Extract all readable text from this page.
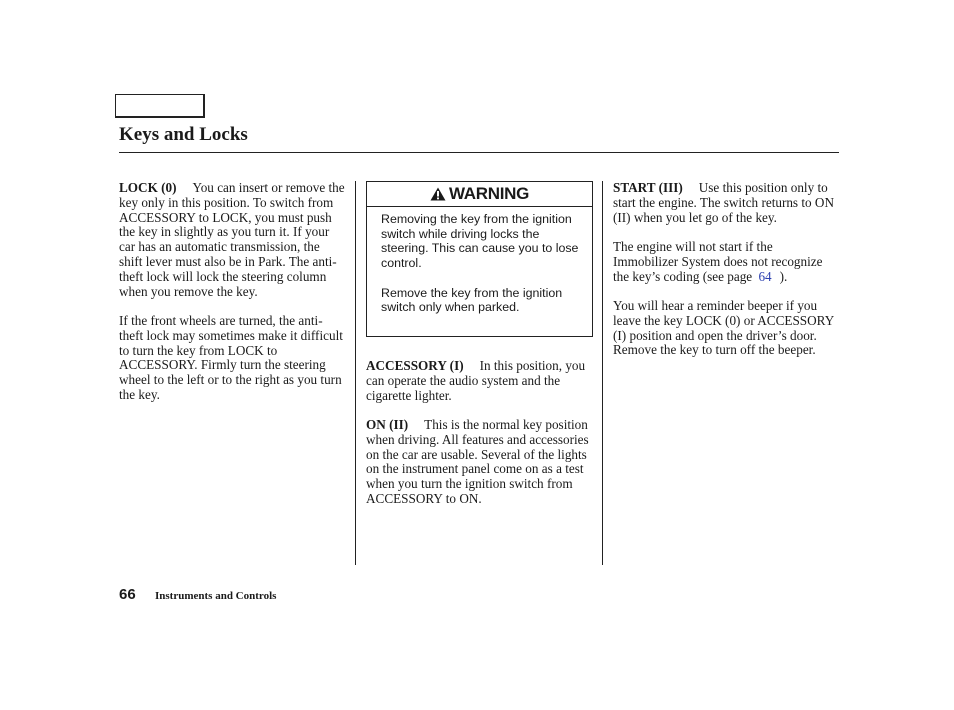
Keys and Locks

LOCK (0) You can insert or remove the key only in this position. To switch from ACCESSORY to LOCK, you must push the key in slightly as you turn it. If your car has an automatic transmission, the shift lever must also be in Park. The anti-theft lock will lock the steering column when you remove the key.

If the front wheels are turned, the anti-theft lock may sometimes make it difficult to turn the key from LOCK to ACCESSORY. Firmly turn the steering wheel to the left or to the right as you turn the key.

WARNING

Removing the key from the ignition switch while driving locks the steering. This can cause you to lose control.

Remove the key from the ignition switch only when parked.

ACCESSORY (I) In this position, you can operate the audio system and the cigarette lighter.

ON (II) This is the normal key position when driving. All features and accessories on the car are usable. Several of the lights on the instrument panel come on as a test when you turn the ignition switch from ACCESSORY to ON.

START (III) Use this position only to start the engine. The switch returns to ON (II) when you let go of the key.

The engine will not start if the Immobilizer System does not recognize the key’s coding (see page 64 ).

You will hear a reminder beeper if you leave the key LOCK (0) or ACCESSORY (I) position and open the driver’s door. Remove the key to turn off the beeper.

66 Instruments and Controls
